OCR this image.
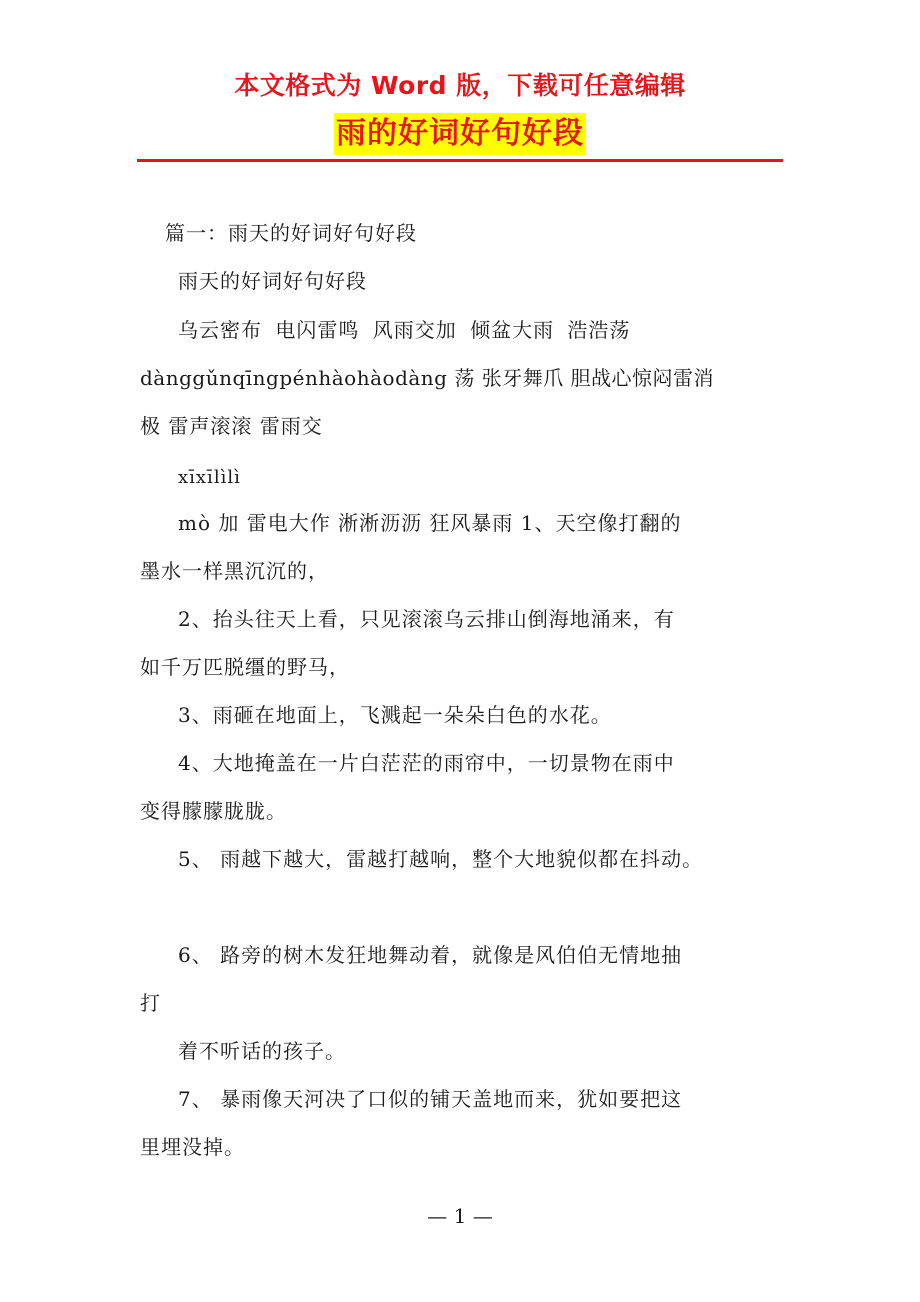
本文格式为 Word 版，下载可任意编辑
雨的好词好句好段
篇一：雨天的好词好句好段
雨天的好词好句好段
乌云密布 电闪雷鸣 风雨交加 倾盆大雨 浩浩荡
dànggǔnqīngpénhàohàodàng 荡 张牙舞爪 胆战心惊闷雷消
极 雷声滚滚 雷雨交
xīxīlìlì
mò 加 雷电大作 淅淅沥沥 狂风暴雨 1、天空像打翻的
墨水一样黑沉沉的，
2、抬头往天上看，只见滚滚乌云排山倒海地涌来，有
如千万匹脱缰的野马，
3、雨砸在地面上，飞溅起一朵朵白色的水花。
4、大地掩盖在一片白茫茫的雨帘中，一切景物在雨中
变得朦朦胧胧。
5、 雨越下越大，雷越打越响，整个大地貌似都在抖动。
6、 路旁的树木发狂地舞动着，就像是风伯伯无情地抽
打
着不听话的孩子。
7、 暴雨像天河决了口似的铺天盖地而来，犹如要把这
里埋没掉。
— 1 —
